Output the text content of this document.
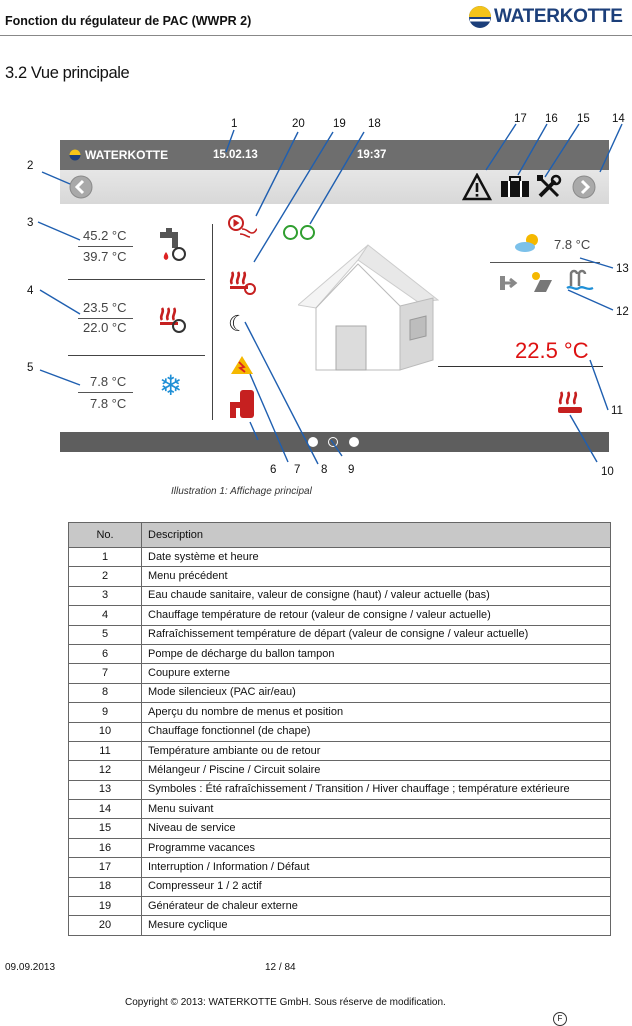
Fonction du régulateur de PAC (WWPR 2)	WATERKOTTE
3.2 Vue principale
WATERKOTTE	15.02.13	19:37
45.2 °C
39.7 °C
23.5 °C
22.0 °C
7.8 °C
7.8 °C
❄
☾
7.8 °C
22.5 °C
1
2
3
4
5
6 7 8 9	10
11
12
13
14
15
16
17
18
19
20
Illustration 1: Affichage principal
No.	Description
1	Date système et heure
2	Menu précédent
3	Eau chaude sanitaire, valeur de consigne (haut) / valeur actuelle (bas)
4	Chauffage température de retour (valeur de consigne / valeur actuelle)
5	Rafraîchissement température de départ (valeur de consigne / valeur actuelle)
6	Pompe de décharge du ballon tampon
7	Coupure externe
8	Mode silencieux (PAC air/eau)
9	Aperçu du nombre de menus et position
10	Chauffage fonctionnel (de chape)
11	Température ambiante ou de retour
12	Mélangeur / Piscine / Circuit solaire
13	Symboles : Été rafraîchissement / Transition / Hiver chauffage ; température extérieure
14	Menu suivant
15	Niveau de service
16	Programme vacances
17	Interruption / Information / Défaut
18	Compresseur 1 / 2 actif
19	Générateur de chaleur externe
20	Mesure cyclique
09.09.2013	12 / 84
Copyright © 2013: WATERKOTTE GmbH. Sous réserve de modification.
F
